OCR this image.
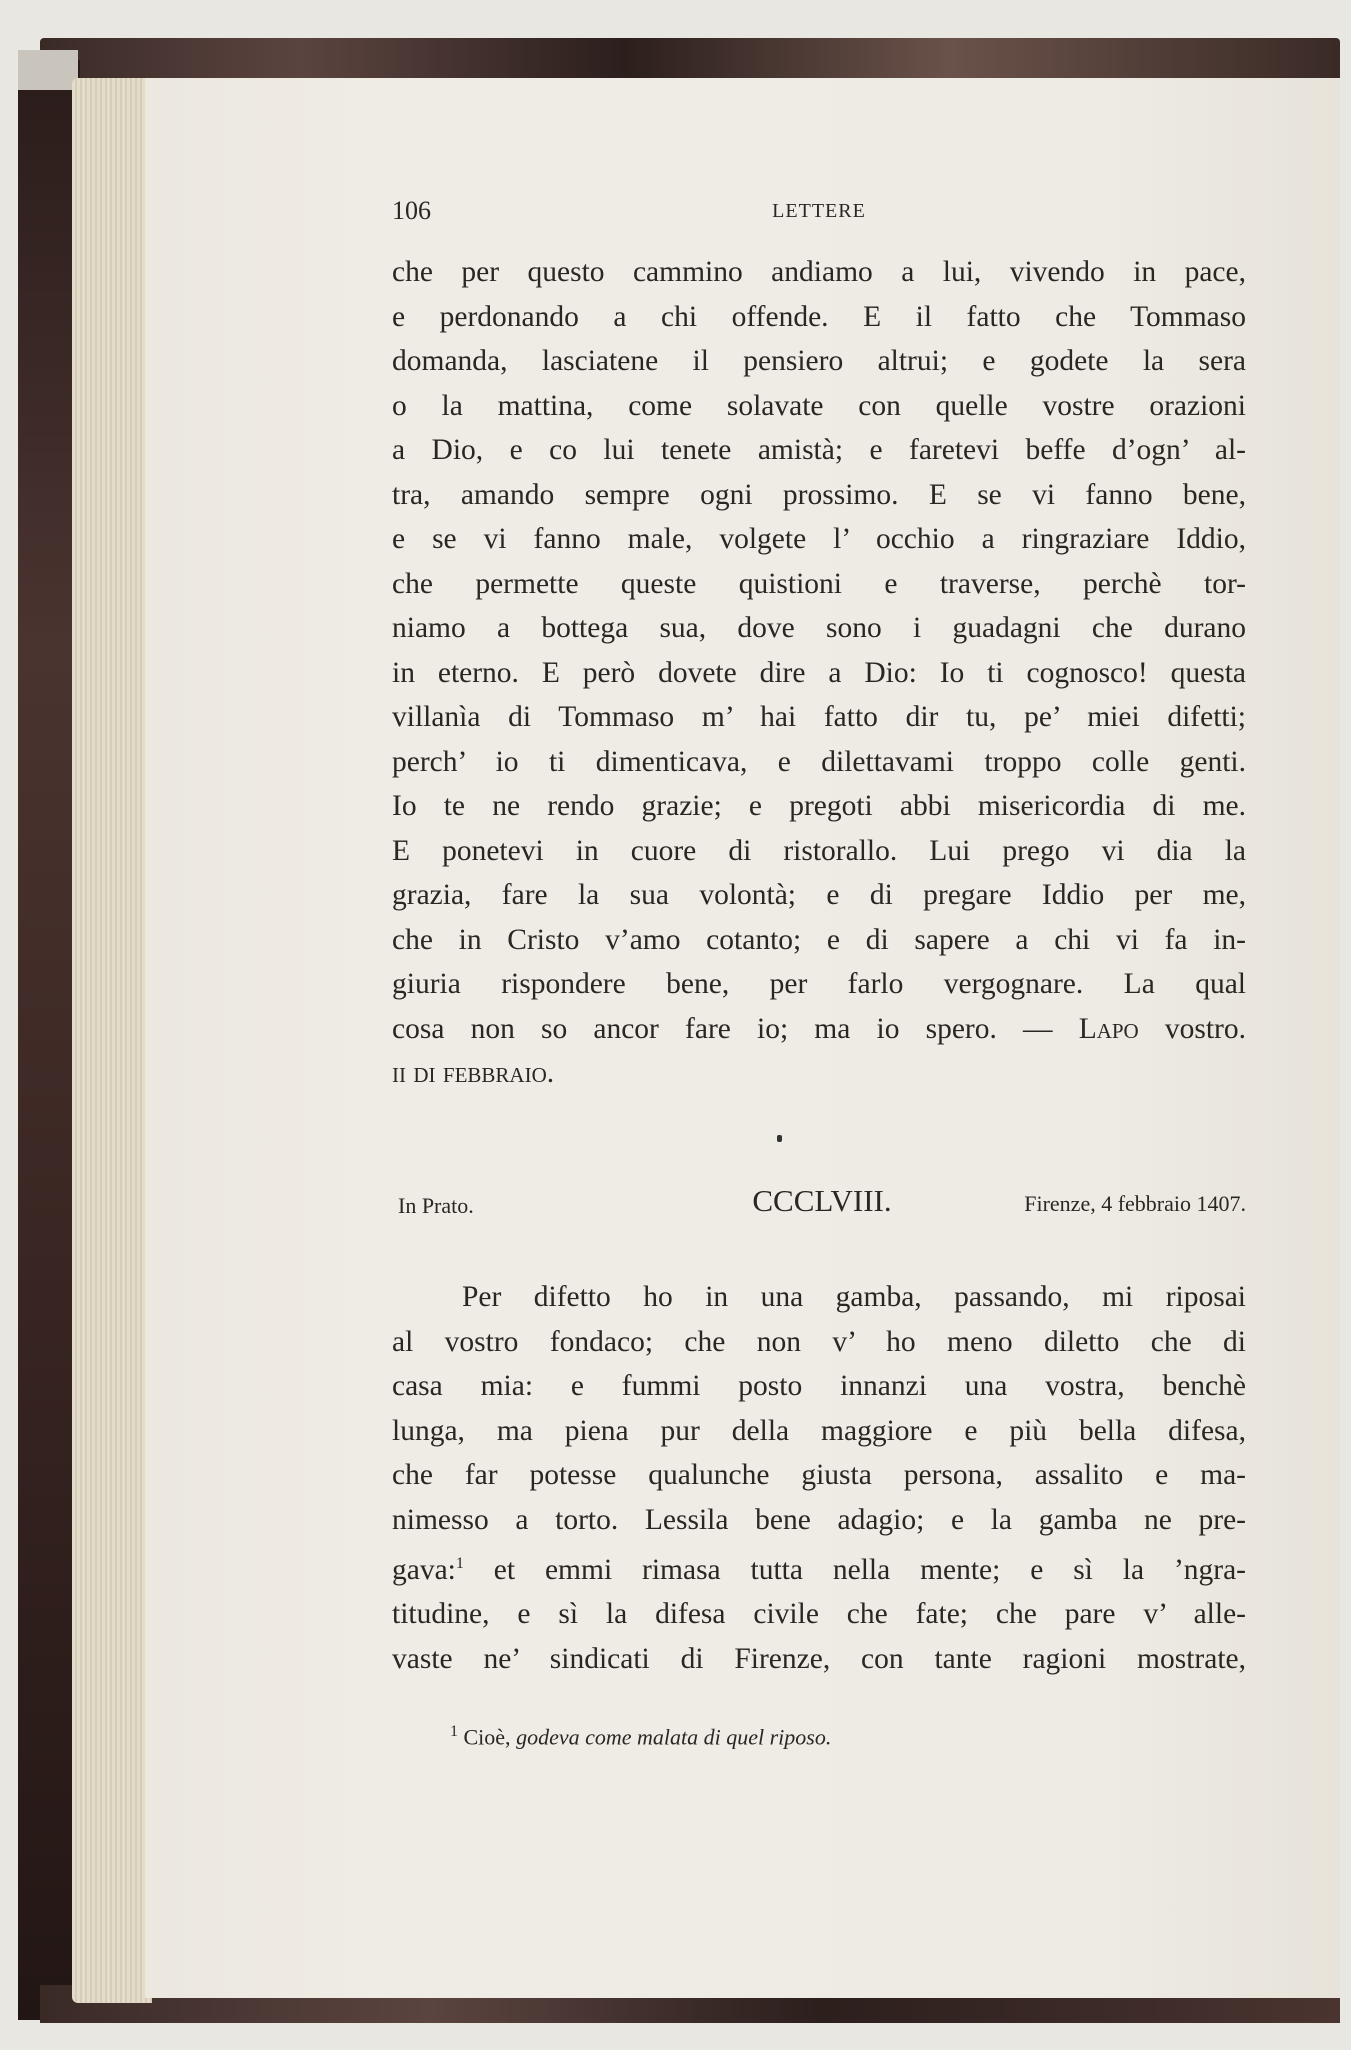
106	LETTERE
che per questo cammino andiamo a lui, vivendo in pace,
e perdonando a chi offende. E il fatto che Tommaso
domanda, lasciatene il pensiero altrui; e godete la sera
o la mattina, come solavate con quelle vostre orazioni
a Dio, e co lui tenete amistà; e faretevi beffe d’ogn’ al-
tra, amando sempre ogni prossimo. E se vi fanno bene,
e se vi fanno male, volgete l’ occhio a ringraziare Iddio,
che permette queste quistioni e traverse, perchè tor-
niamo a bottega sua, dove sono i guadagni che durano
in eterno. E però dovete dire a Dio: Io ti cognosco! questa
villanìa di Tommaso m’ hai fatto dir tu, pe’ miei difetti;
perch’ io ti dimenticava, e dilettavami troppo colle genti.
Io te ne rendo grazie; e pregoti abbi misericordia di me.
E ponetevi in cuore di ristorallo. Lui prego vi dia la
grazia, fare la sua volontà; e di pregare Iddio per me,
che in Cristo v’amo cotanto; e di sapere a chi vi fa in-
giuria rispondere bene, per farlo vergognare. La qual
cosa non so ancor fare io; ma io spero. — Lapo vostro.
ii di febbraio.
In Prato.	CCCLVIII.	Firenze, 4 febbraio 1407.
Per difetto ho in una gamba, passando, mi riposai
al vostro fondaco; che non v’ ho meno diletto che di
casa mia: e fummi posto innanzi una vostra, benchè
lunga, ma piena pur della maggiore e più bella difesa,
che far potesse qualunche giusta persona, assalito e ma-
nimesso a torto. Lessila bene adagio; e la gamba ne pre-
gava:$^1$ et emmi rimasa tutta nella mente; e sì la ’ngra-
titudine, e sì la difesa civile che fate; che pare v’ alle-
vaste ne’ sindicati di Firenze, con tante ragioni mostrate,
$^1$ Cioè, godeva come malata di quel riposo.
